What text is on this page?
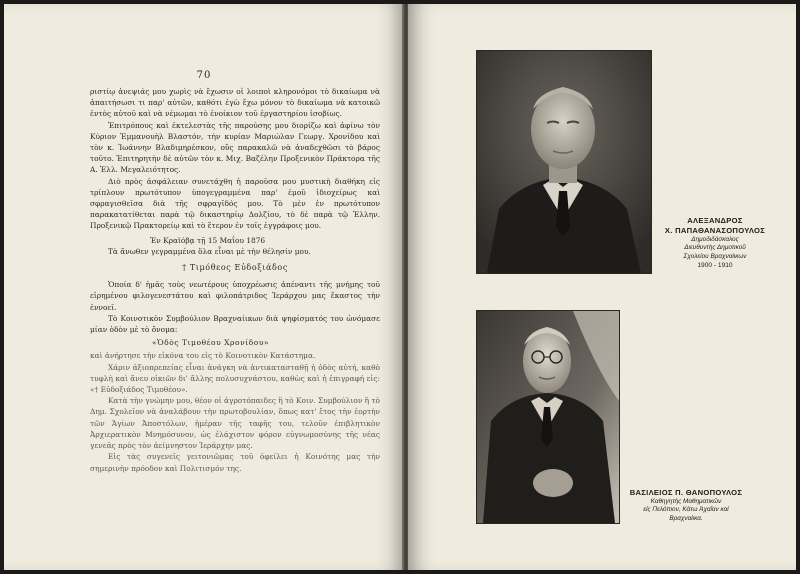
70

ριστίῳ ἀνεψιάς μου χωρὶς νὰ ἔχωσιν οἱ λοιποὶ κληρονόμοι τὸ δικαίωμα νὰ ἀπαιτήσωσι τι παρ' αὐτῶν, καθότι ἐγὼ ἔχω μόνον τὸ δικαίωμα νὰ κατοικῶ ἐντὸς αὐτοῦ καὶ νὰ νέμωμαι τὸ ἐνοίκιον τοῦ ἐργαστηρίου ἰσοβίως.

Ἐπιτρόπους καὶ ἐκτελεστὰς τῆς παρούσης μου διορίζω καὶ ἀφίνω τὸν Κύριον Ἐμμανουὴλ Βλαστόν, τὴν κυρίαν Μαριώλαν Γεωργ. Χρονίδου καὶ τὸν κ. Ἰωάννην Βλαδιμηρέσκον, οὓς παρακαλῶ νὰ ἀναδεχθῶσι τὸ βάρος τοῦτο. Ἐπιτηρητὴν δὲ αὐτῶν τὸν κ. Μιχ. Βαζέλην Προξενικὸν Πράκτορα τῆς Α. Ἑλλ. Μεγαλειότητος.

Διὸ πρὸς ἀσφάλειαν συνετάχθη ἡ παροῦσα μου μυστικὴ διαθήκη εἰς τρίπλουν πρωτότυπον ὑπογεγραμμένα παρ' ἐμοῦ ἰδιοχείρως καὶ σφραγισθεῖσα διὰ τῆς σφραγῖδός μου. Τὸ μὲν ἐν πρωτότυπον παρακατατίθεται παρὰ τῷ δικαστηρίῳ Δολζίου, τὸ δὲ παρὰ τῷ Ἑλλην. Προξενικῷ Πρακτορείῳ καὶ τὸ ἕτερον ἐν τοῖς ἐγγράφοις μου.

Ἐν Κραϊόβᾳ τῇ 15 Μαΐου 1876

Τὰ ἄνωθεν γεγραμμένα ὅλα εἶναι μὲ τὴν θέλησίν μου.

† Τιμόθεος Εὐδοξιάδος

Ὁποία δ' ἡμᾶς τοὺς νεωτέρους ὑποχρέωσις ἀπέναντι τῆς μνήμης τοῦ εἰρημένου φιλογενεστάτου καὶ φιλοπάτριδος Ἱεράρχου μας ἕκαστος τὴν ἐννοεῖ.

Τὸ Κοινοτικὸν Συμβούλιον Βραχναίικων διὰ ψηφίσματός του ὠνόμασε μίαν ὁδὸν μὲ τὸ ὄνομα:

«Ὁδὸς Τιμοθέου Χρονίδου»

καὶ ἀνήρτησε τὴν εἰκόνα του εἰς τὸ Κοινοτικὸν Κατάστημα.

Χάριν ἀξιοπρεπείας εἶναι ἀνάγκη νὰ ἀντικατασταθῇ ἡ ὁδὸς αὐτή, καθὸ τυφλὴ καὶ ἄνευ οἰκιῶν δι' ἄλλης πολυσυχνάστου, καθὼς καὶ ἡ ἐπιγραφή εἰς: «† Εὐδοξιάδος Τιμοθέου».

Κατὰ τὴν γνώμην μου, θέον οἱ ἀγροτόπαιδες ἢ τὸ Κοιν. Συμβούλιον ἢ τὸ Δημ. Σχολεῖον νὰ ἀναλάβουν τὴν πρωτοβουλίαν, ὅπως κατ' ἔτος τὴν ἑορτὴν τῶν Ἁγίων Ἀποστόλων, ἡμέραν τῆς ταφῆς του, τελοῦν ἐπιβλητικὸν Ἀρχιερατικὸν Μνημόσυνον, ὡς ἐλάχιστον φόρον εὐγνωμοσύνης τῆς νέας γενεᾶς πρὸς τὸν ἀείμνηστον Ἱεράρχην μας.

Εἰς τὰς συγενεῖς γειτονιῶμας τοῦ ὀφείλει ἡ Κοινότης μας τὴν σημερινὴν πρόοδον καὶ Πολιτισμόν της.

ΑΛΕΞΑΝΔΡΟΣ
Χ. ΠΑΠΑΘΑΝΑΣΟΠΟΥΛΟΣ
Δημοδιδάσκαλος
Διευθυντὴς Δημοτικοῦ
Σχολείου Βραχναίικων
1900 - 1910
ΒΑΣΙΛΕΙΟΣ Π. ΘΑΝΟΠΟΥΛΟΣ
Καθηγητὴς Μαθηματικῶν
εἰς Πελόπιον, Κάτω Ἀχαΐαν καὶ
Βραχναίικα.
